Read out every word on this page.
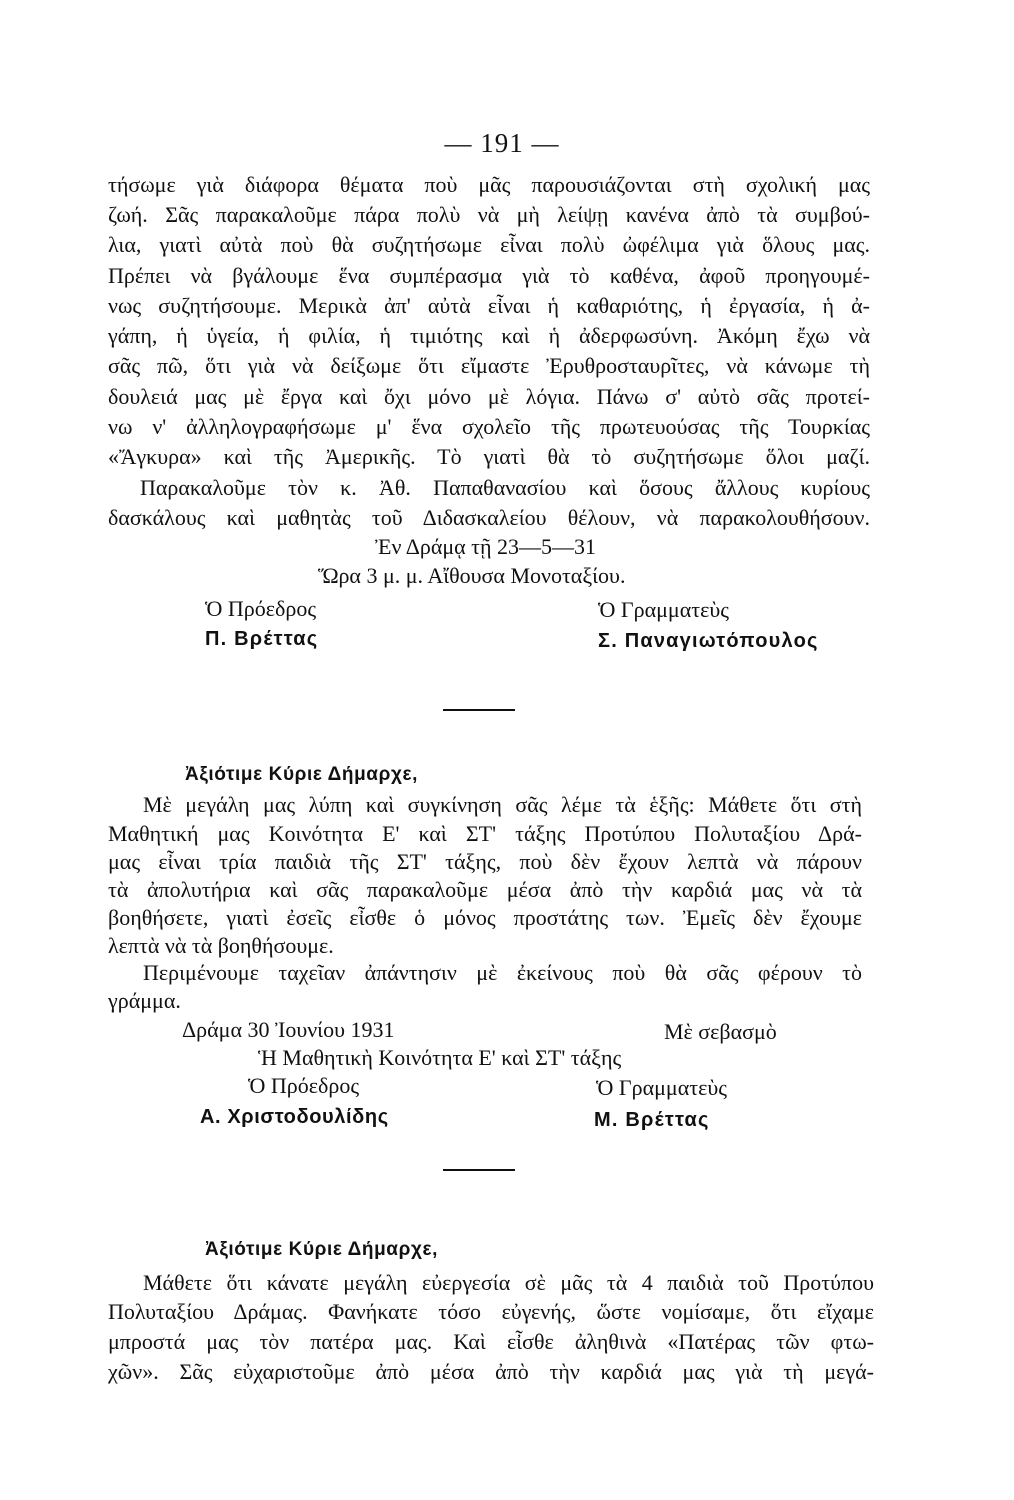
— 191 —
τήσωμε γιὰ διάφορα θέματα ποὺ μᾶς παρουσιάζονται στὴ σχολική μας
ζωή. Σᾶς παρακαλοῦμε πάρα πολὺ νὰ μὴ λείψῃ κανένα ἀπὸ τὰ συμβού-
λια, γιατὶ αὐτὰ ποὺ θὰ συζητήσωμε εἶναι πολὺ ὠφέλιμα γιὰ ὅλους μας.
Πρέπει νὰ βγάλουμε ἕνα συμπέρασμα γιὰ τὸ καθένα, ἀφοῦ προηγουμέ-
νως συζητήσουμε. Μερικὰ ἀπ' αὐτὰ εἶναι ἡ καθαριότης, ἡ ἐργασία, ἡ ἀ-
γάπη, ἡ ὑγεία, ἡ φιλία, ἡ τιμιότης καὶ ἡ ἀδερφωσύνη. Ἀκόμη ἔχω νὰ
σᾶς πῶ, ὅτι γιὰ νὰ δείξωμε ὅτι εἴμαστε Ἐρυθροσταυρῖτες, νὰ κάνωμε τὴ
δουλειά μας μὲ ἔργα καὶ ὄχι μόνο μὲ λόγια. Πάνω σ' αὐτὸ σᾶς προτεί-
νω ν' ἀλληλογραφήσωμε μ' ἕνα σχολεῖο τῆς πρωτευούσας τῆς Τουρκίας
«Ἄγκυρα» καὶ τῆς Ἀμερικῆς. Τὸ γιατὶ θὰ τὸ συζητήσωμε ὅλοι μαζί.
Παρακαλοῦμε τὸν κ. Ἀθ. Παπαθανασίου καὶ ὅσους ἄλλους κυρίους
δασκάλους καὶ μαθητὰς τοῦ Διδασκαλείου θέλουν, νὰ παρακολουθήσουν.
Ἐν Δράμᾳ τῇ 23—5—31
Ὥρα 3 μ. μ. Αἴθουσα Μονοταξίου.
Ὁ Πρόεδρος	Ὁ Γραμματεὺς
Π. Βρέττας	Σ. Παναγιωτόπουλος
Ἀξιότιμε Κύριε Δήμαρχε,
Μὲ μεγάλη μας λύπη καὶ συγκίνηση σᾶς λέμε τὰ ἑξῆς: Μάθετε ὅτι στὴ
Μαθητική μας Κοινότητα Ε' καὶ ΣΤ' τάξης Προτύπου Πολυταξίου Δρά-
μας εἶναι τρία παιδιὰ τῆς ΣΤ' τάξης, ποὺ δὲν ἔχουν λεπτὰ νὰ πάρουν
τὰ ἀπολυτήρια καὶ σᾶς παρακαλοῦμε μέσα ἀπὸ τὴν καρδιά μας νὰ τὰ
βοηθήσετε, γιατὶ ἐσεῖς εἶσθε ὁ μόνος προστάτης των. Ἐμεῖς δὲν ἔχουμε
λεπτὰ νὰ τὰ βοηθήσουμε.
Περιμένουμε ταχεῖαν ἀπάντησιν μὲ ἐκείνους ποὺ θὰ σᾶς φέρουν τὸ
γράμμα.
Δράμα 30 Ἰουνίου 1931	Μὲ σεβασμὸ
Ἡ Μαθητικὴ Κοινότητα Ε' καὶ ΣΤ' τάξης
Ὁ Πρόεδρος	Ὁ Γραμματεὺς
Α. Χριστοδουλίδης	Μ. Βρέττας
Ἀξιότιμε Κύριε Δήμαρχε,
Μάθετε ὅτι κάνατε μεγάλη εὐεργεσία σὲ μᾶς τὰ 4 παιδιὰ τοῦ Προτύπου
Πολυταξίου Δράμας. Φανήκατε τόσο εὐγενής, ὥστε νομίσαμε, ὅτι εἴχαμε
μπροστά μας τὸν πατέρα μας. Καὶ εἶσθε ἀληθινὰ «Πατέρας τῶν φτω-
χῶν». Σᾶς εὐχαριστοῦμε ἀπὸ μέσα ἀπὸ τὴν καρδιά μας γιὰ τὴ μεγά-
